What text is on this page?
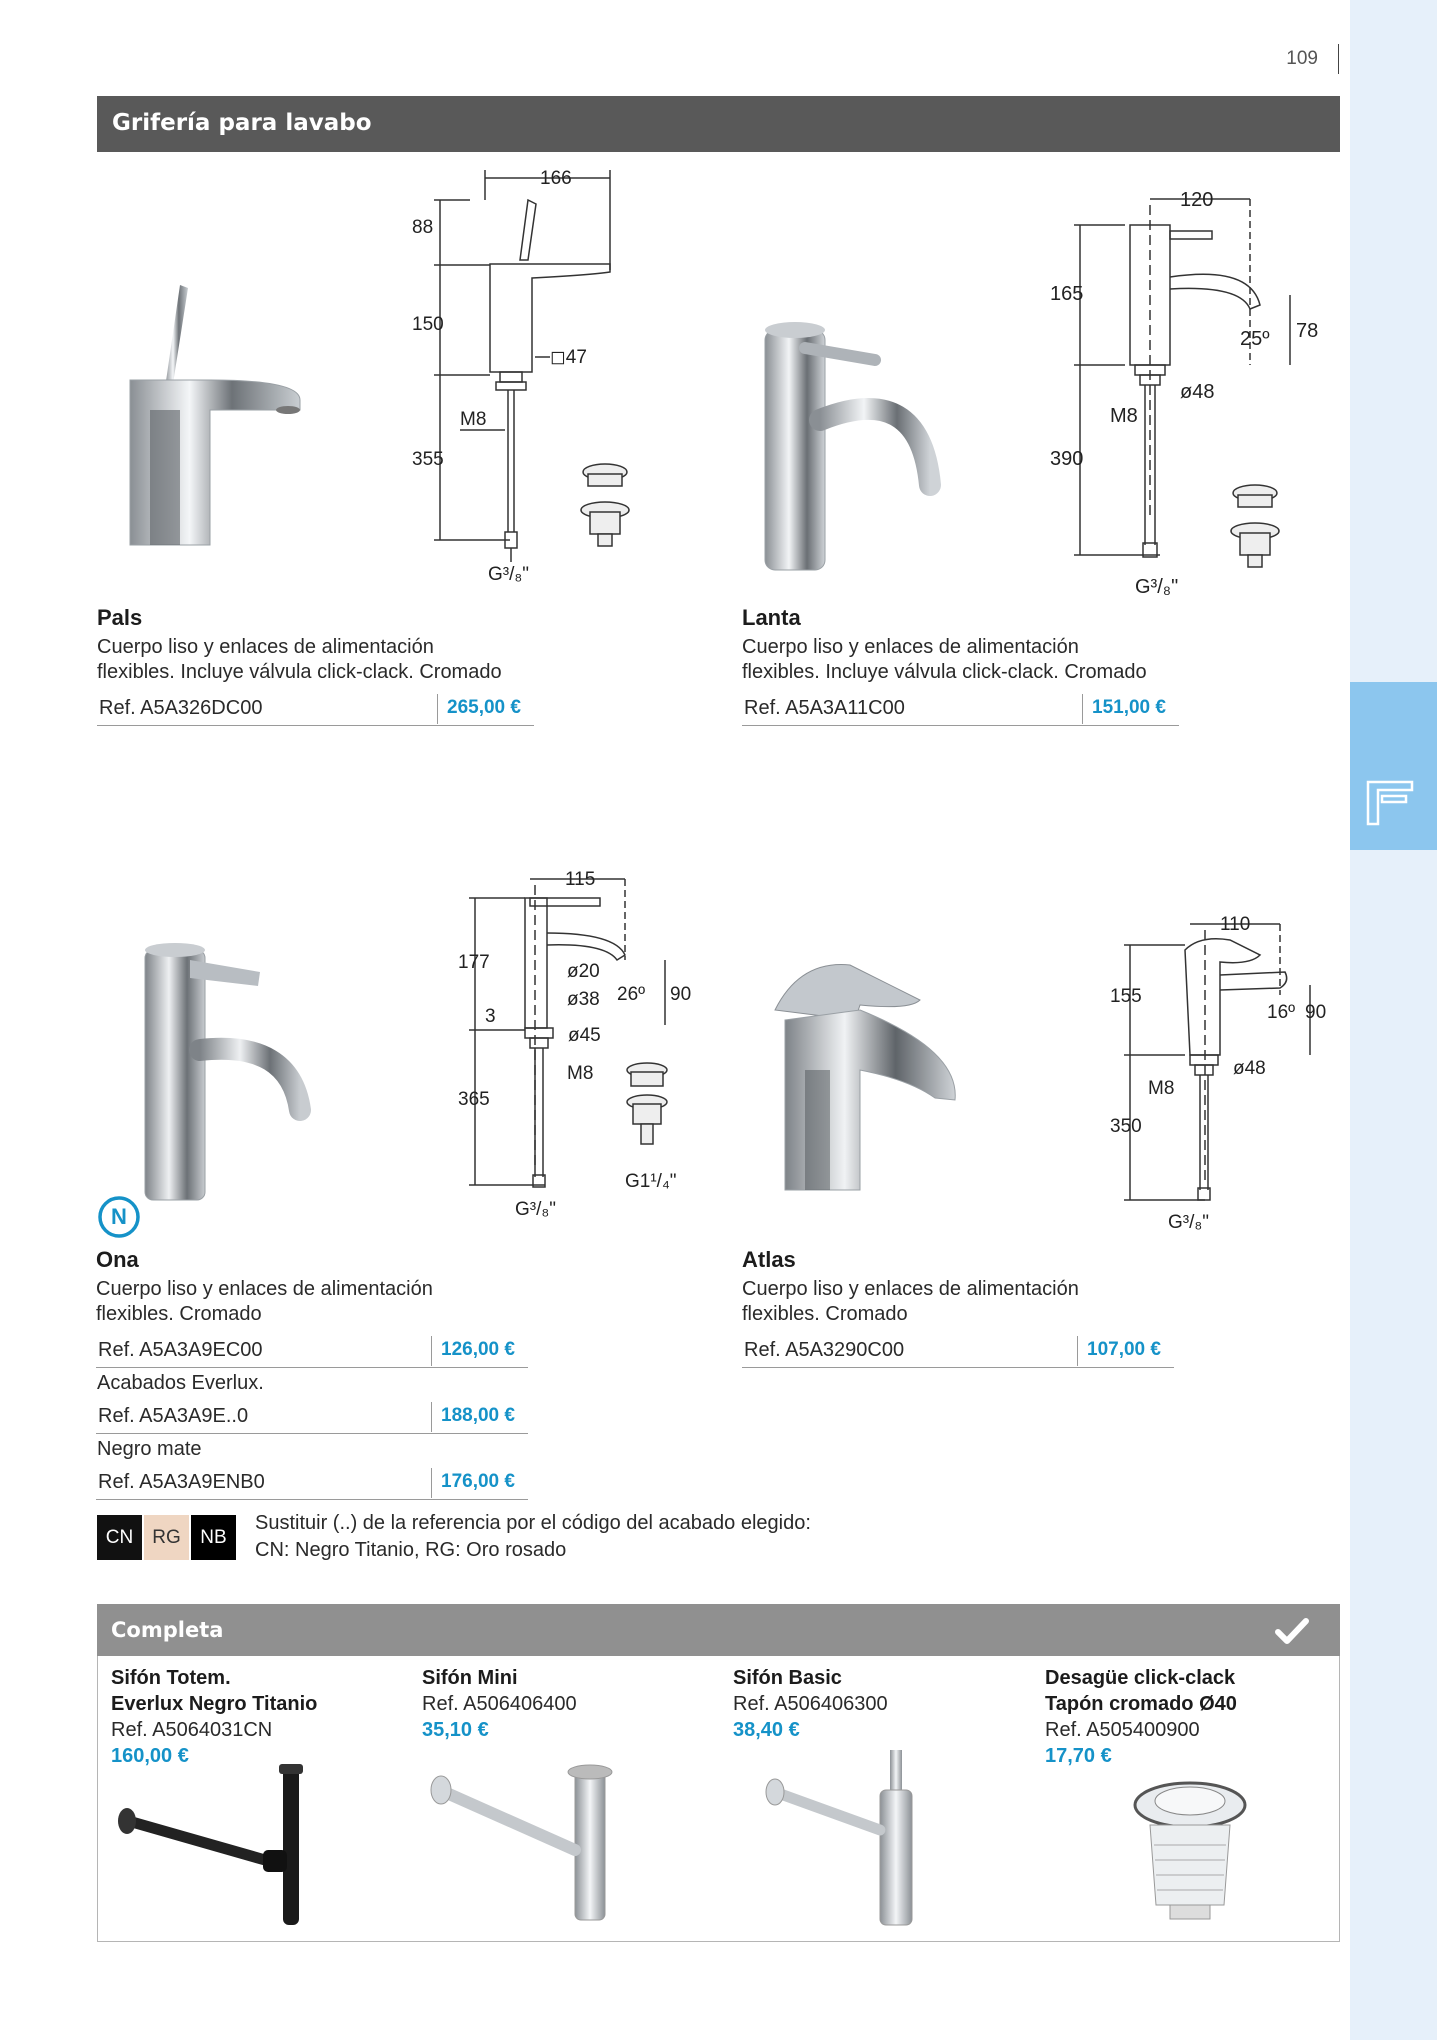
109
Grifería para lavabo
166
88
150
◻47
M8
355
G³/₈"
Pals
Cuerpo liso y enlaces de alimentación
flexibles. Incluye válvula click-clack. Cromado
Ref. A5A326DC00	265,00 €
120
165
25º 78
ø48
M8
390
G³/₈"
Lanta
Cuerpo liso y enlaces de alimentación
flexibles. Incluye válvula click-clack. Cromado
Ref. A5A3A11C00	151,00 €
115
177	ø20
ø38 26º 90
3
ø45
M8
365
G³/₈"
G1¹/₄"
N
Ona
Cuerpo liso y enlaces de alimentación
flexibles. Cromado
Ref. A5A3A9EC00	126,00 €
Acabados Everlux.
Ref. A5A3A9E..0	188,00 €
Negro mate
Ref. A5A3A9ENB0	176,00 €
110
155
16º 90
ø48
M8
350
G³/₈"
Atlas
Cuerpo liso y enlaces de alimentación
flexibles. Cromado
Ref. A5A3290C00	107,00 €
CN	RG	NB
Sustituir (..) de la referencia por el código del acabado elegido:
CN: Negro Titanio, RG: Oro rosado
Completa
Sifón Totem.
Everlux Negro Titanio
Ref. A5064031CN
160,00 €
Sifón Mini
Ref. A506406400
35,10 €
Sifón Basic
Ref. A506406300
38,40 €
Desagüe click-clack
Tapón cromado Ø40
Ref. A505400900
17,70 €
